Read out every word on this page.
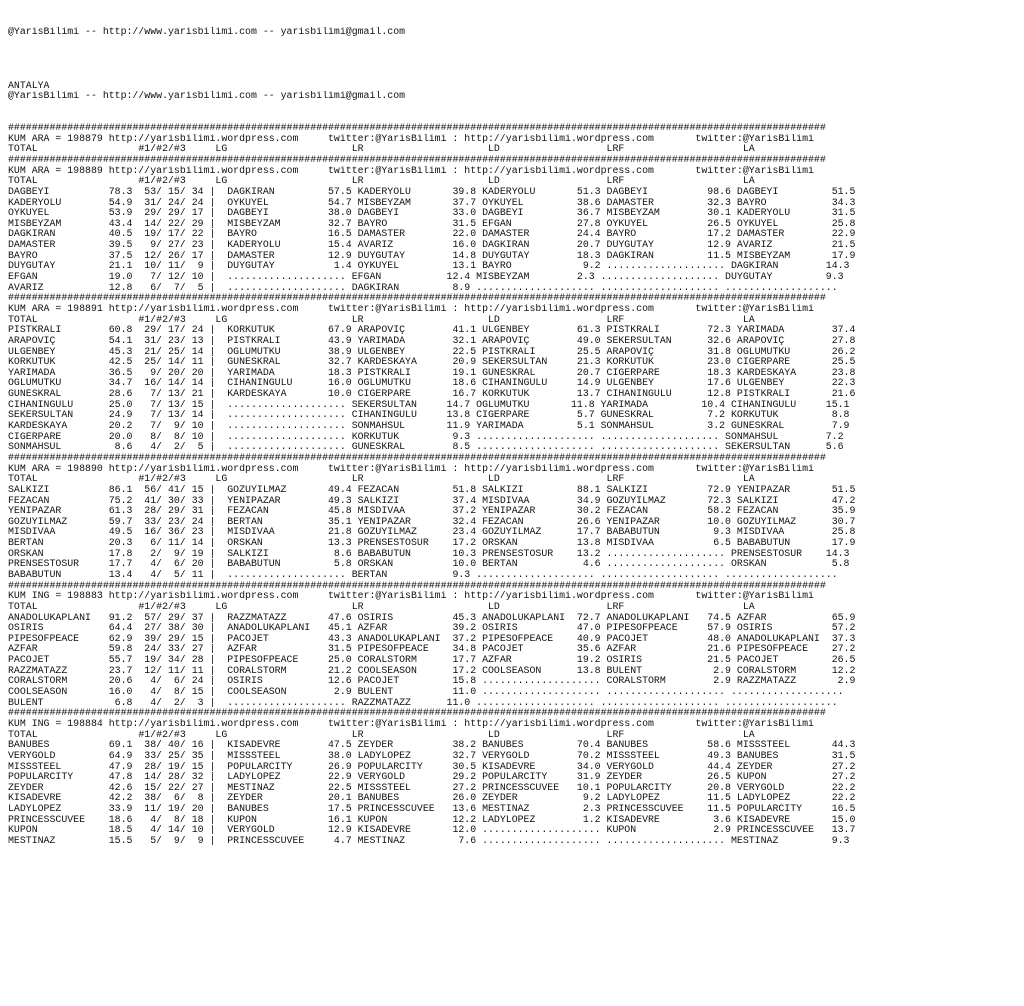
@YarisBilimi -- http://www.yarisbilimi.com -- yarisbilimi@gmail.com
ANTALYA
@YarisBilimi -- http://www.yarisbilimi.com -- yarisbilimi@gmail.com
##########################################################################################################################################
KUM ARA = 198879 http://yarisbilimi.wordpress.com     twitter:@YarisBilimi : http://yarisbilimi.wordpress.com       twitter:@YarisBilimi
TOTAL                 #1/#2/#3     LG                     LR                     LD                  LRF                    LA
##########################################################################################################################################
KUM ARA = 198889 http://yarisbilimi.wordpress.com     twitter:@YarisBilimi : http://yarisbilimi.wordpress.com       twitter:@YarisBilimi
TOTAL                 #1/#2/#3     LG                     LR                     LD                  LRF                    LA
DAGBEYI          78.3  53/ 15/ 34 |  DAGKIRAN         57.5 KADERYOLU       39.8 KADERYOLU       51.3 DAGBEYI          98.6 DAGBEYI         51.5
KADERYOLU        54.9  31/ 24/ 24 |  ÖYKÜYEL          54.7 MISBEYZAM       37.7 ÖYKÜYEL         38.6 DAMASTER         32.3 BAYRO           34.3
ÖYKÜYEL          53.9  29/ 29/ 17 |  DAGBEYI          38.0 DAGBEYI         33.0 DAGBEYI         36.7 MISBEYZAM        30.1 KADERYOLU       31.5
MISBEYZAM        43.4  14/ 22/ 29 |  MISBEYZAM        32.7 BAYRO           31.5 EFGAN           27.8 ÖYKÜYEL          26.5 ÖYKÜYEL         25.8
DAGKIRAN         40.5  19/ 17/ 22 |  BAYRO            16.5 DAMASTER        22.0 DAMASTER        24.4 BAYRO            17.2 DAMASTER        22.9
DAMASTER         39.5   9/ 27/ 23 |  KADERYOLU        15.4 AVARIZ          16.0 DAGKIRAN        20.7 DUYGUTAY         12.9 AVARIZ          21.5
BAYRO            37.5  12/ 26/ 17 |  DAMASTER         12.9 DUYGUTAY        14.8 DUYGUTAY        18.3 DAGKIRAN         11.5 MISBEYZAM       17.9
DUYGUTAY         21.1  10/ 11/  9 |  DUYGUTAY          1.4 ÖYKÜYEL         13.1 BAYRO            9.2 .................... DAGKIRAN        14.3
EFGAN            19.0   7/ 12/ 10 |  .................... EFGAN           12.4 MISBEYZAM        2.3 .................... DUYGUTAY         9.3
AVARIZ           12.8   6/  7/  5 |  .................... DAGKIRAN         8.9 .................... .................... ...................
##########################################################################################################################################
KUM ARA = 198891 http://yarisbilimi.wordpress.com     twitter:@YarisBilimi : http://yarisbilimi.wordpress.com       twitter:@YarisBilimi
TOTAL                 #1/#2/#3     LG                     LR                     LD                  LRF                    LA
PISTKRALI        60.8  29/ 17/ 24 |  KÖRKÜTÜK         67.9 ARAPOVIÇ        41.1 ÜLGENBEY        61.3 PISTKRALI        72.3 YARIMADA        37.4
ARAPOVIÇ         54.1  31/ 23/ 13 |  PISTKRALI        43.9 YARIMADA        32.1 ARAPOVIÇ        49.0 SEKERSULTAN      32.6 ARAPOVIÇ        27.8
ÜLGENBEY         45.3  21/ 25/ 14 |  OGLUMUTKU        38.9 ÜLGENBEY        22.5 PISTKRALI       25.5 ARAPOVIÇ         31.8 OGLUMUTKU       26.2
KÖRKÜTÜK         42.5  25/ 14/ 11 |  GÜNESKRAL        32.7 KARDESKAYA      20.9 SEKERSULTAN     21.3 KÖRKÜTÜK         23.0 CIGERPARE       25.5
YARIMADA         36.5   9/ 20/ 20 |  YARIMADA         18.3 PISTKRALI       19.1 GÜNESKRAL       20.7 CIGERPARE        18.3 KARDESKAYA      23.8
OGLUMUTKU        34.7  16/ 14/ 14 |  CIHANINGÜLÜ      16.0 OGLUMUTKU       18.6 CIHANINGÜLÜ     14.9 ÜLGENBEY         17.6 ÜLGENBEY        22.3
GÜNESKRAL        28.6   7/ 13/ 21 |  KARDESKAYA       10.0 CIGERPARE       16.7 KÖRKÜTÜK        13.7 CIHANINGÜLÜ      12.8 PISTKRALI       21.6
CIHANINGÜLÜ      25.0   7/ 13/ 15 |  .................... SEKERSULTAN     14.7 OGLUMUTKU       11.8 YARIMADA         10.4 CIHANINGÜLÜ     15.1
SEKERSULTAN      24.9   7/ 13/ 14 |  .................... CIHANINGÜLÜ     13.8 CIGERPARE        5.7 GÜNESKRAL         7.2 KÖRKÜTÜK         8.8
KARDESKAYA       20.2   7/  9/ 10 |  .................... SONMAHSÜL       11.9 YARIMADA         5.1 SONMAHSÜL         3.2 GÜNESKRAL        7.9
CIGERPARE        20.0   8/  8/ 10 |  .................... KÖRKÜTÜK         9.3 .................... .................... SONMAHSÜL        7.2
SONMAHSÜL         8.6   4/  2/  5 |  .................... GÜNESKRAL        8.5 .................... .................... SEKERSULTAN      5.6
##########################################################################################################################################
KUM ARA = 198890 http://yarisbilimi.wordpress.com     twitter:@YarisBilimi : http://yarisbilimi.wordpress.com       twitter:@YarisBilimi
TOTAL                 #1/#2/#3     LG                     LR                     LD                  LRF                    LA
SALKIZI          86.1  56/ 41/ 15 |  GÖZÜYILMAZ       49.4 FEZACAN         51.8 SALKIZI         88.1 SALKIZI          72.9 YENIPAZAR       51.5
FEZACAN          75.2  41/ 30/ 33 |  YENIPAZAR        49.3 SALKIZI         37.4 MISDIVAA        34.9 GÖZÜYILMAZ       72.3 SALKIZI         47.2
YENIPAZAR        61.3  28/ 29/ 31 |  FEZACAN          45.8 MISDIVAA        37.2 YENIPAZAR       30.2 FEZACAN          58.2 FEZACAN         35.9
GÖZÜYILMAZ       59.7  33/ 23/ 24 |  BERTAN           35.1 YENIPAZAR       32.4 FEZACAN         26.6 YENIPAZAR        10.0 GÖZÜYILMAZ      30.7
MISDIVAA         49.5  16/ 36/ 23 |  MISDIVAA         21.8 GÖZÜYILMAZ      23.4 GÖZÜYILMAZ      17.7 BABABÜTÜN         9.3 MISDIVAA        25.8
BERTAN           20.3   6/ 11/ 14 |  ÖRSKAN           13.3 PRENSESTOSUR    17.2 ÖRSKAN          13.8 MISDIVAA          6.5 BABABÜTÜN       17.9
ÖRSKAN           17.8   2/  9/ 19 |  SALKIZI           8.6 BABABÜTÜN       10.3 PRENSESTOSUR    13.2 .................... PRENSESTOSUR    14.3
PRENSESTOSUR     17.7   4/  6/ 20 |  BABABÜTÜN         5.8 ÖRSKAN          10.0 BERTAN           4.6 .................... ÖRSKAN           5.8
BABABÜTÜN        13.4   4/  5/ 11 |  .................... BERTAN           9.3 .................... .................... ...................
##########################################################################################################################################
KUM ING = 198883 http://yarisbilimi.wordpress.com     twitter:@YarisBilimi : http://yarisbilimi.wordpress.com       twitter:@YarisBilimi
TOTAL                 #1/#2/#3     LG                     LR                     LD                  LRF                    LA
ANADOLUKAPLANI   91.2  57/ 29/ 37 |  RAZZMATAZZ       47.6 OSIRIS          45.3 ANADOLUKAPLANI  72.7 ANADOLUKAPLANI   74.5 AZFAR           65.9
OSIRIS           64.4  27/ 38/ 30 |  ANADOLUKAPLANI   45.1 AZFAR           39.2 OSIRIS          47.0 PIPESOFPEACE     57.9 OSIRIS          57.2
PIPESOFPEACE     62.9  39/ 29/ 15 |  PACOJET          43.3 ANADOLUKAPLANI  37.2 PIPESOFPEACE    40.9 PACOJET          48.0 ANADOLUKAPLANI  37.3
AZFAR            59.8  24/ 33/ 27 |  AZFAR            31.5 PIPESOFPEACE    34.8 PACOJET         35.6 AZFAR            21.6 PIPESOFPEACE    27.2
PACOJET          55.7  19/ 34/ 28 |  PIPESOFPEACE     25.0 CORALSTORM      17.7 AZFAR           19.2 OSIRIS           21.5 PACOJET         26.5
RAZZMATAZZ       23.7  12/ 11/ 11 |  CORALSTORM       21.2 COOLSEASON      17.2 COOLSEASON      13.8 BÜLENT            2.9 CORALSTORM      12.2
CORALSTORM       20.6   4/  6/ 24 |  OSIRIS           12.6 PACOJET         15.8 .................... CORALSTORM        2.9 RAZZMATAZZ       2.9
COOLSEASON       16.0   4/  8/ 15 |  COOLSEASON        2.9 BÜLENT          11.0 .................... .................... ...................
BÜLENT            6.8   4/  2/  3 |  .................... RAZZMATAZZ      11.0 .................... .................... ...................
##########################################################################################################################################
KUM ING = 198884 http://yarisbilimi.wordpress.com     twitter:@YarisBilimi : http://yarisbilimi.wordpress.com       twitter:@YarisBilimi
TOTAL                 #1/#2/#3     LG                     LR                     LD                  LRF                    LA
BANUBES          69.1  38/ 40/ 16 |  KISADEVRE        47.5 ZEYDER          38.2 BANUBES         70.4 BANUBES          58.6 MISSSTEEL       44.3
VERYGOLD         64.9  33/ 25/ 35 |  MISSSTEEL        38.0 LADYLOPEZ       32.7 VERYGOLD        70.2 MISSSTEEL        49.3 BANUBES         31.5
MISSSTEEL        47.9  28/ 19/ 15 |  POPULARCITY      26.9 POPULARCITY     30.5 KISADEVRE       34.0 VERYGOLD         44.4 ZEYDER          27.2
POPULARCITY      47.8  14/ 28/ 32 |  LADYLOPEZ        22.9 VERYGOLD        29.2 POPULARCITY     31.9 ZEYDER           26.5 KUPON           27.2
ZEYDER           42.6  15/ 22/ 27 |  MESTINAZ         22.5 MISSSTEEL       27.2 PRINCESSCUVEE   10.1 POPULARCITY      20.8 VERYGOLD        22.2
KISADEVRE        42.2  38/  6/  8 |  ZEYDER           20.1 BANUBES         26.0 ZEYDER           9.2 LADYLOPEZ        11.5 LADYLOPEZ       22.2
LADYLOPEZ        33.9  11/ 19/ 20 |  BANUBES          17.5 PRINCESSCUVEE   13.6 MESTINAZ         2.3 PRINCESSCUVEE    11.5 POPULARCITY     16.5
PRINCESSCUVEE    18.6   4/  8/ 18 |  KUPON            16.1 KUPON           12.2 LADYLOPEZ        1.2 KISADEVRE         3.6 KISADEVRE       15.0
KUPON            18.5   4/ 14/ 10 |  VERYGOLD         12.9 KISADEVRE       12.0 .................... KUPON             2.9 PRINCESSCUVEE   13.7
MESTINAZ         15.5   5/  9/  9 |  PRINCESSCUVEE     4.7 MESTINAZ         7.6 .................... .................... MESTINAZ         9.3
